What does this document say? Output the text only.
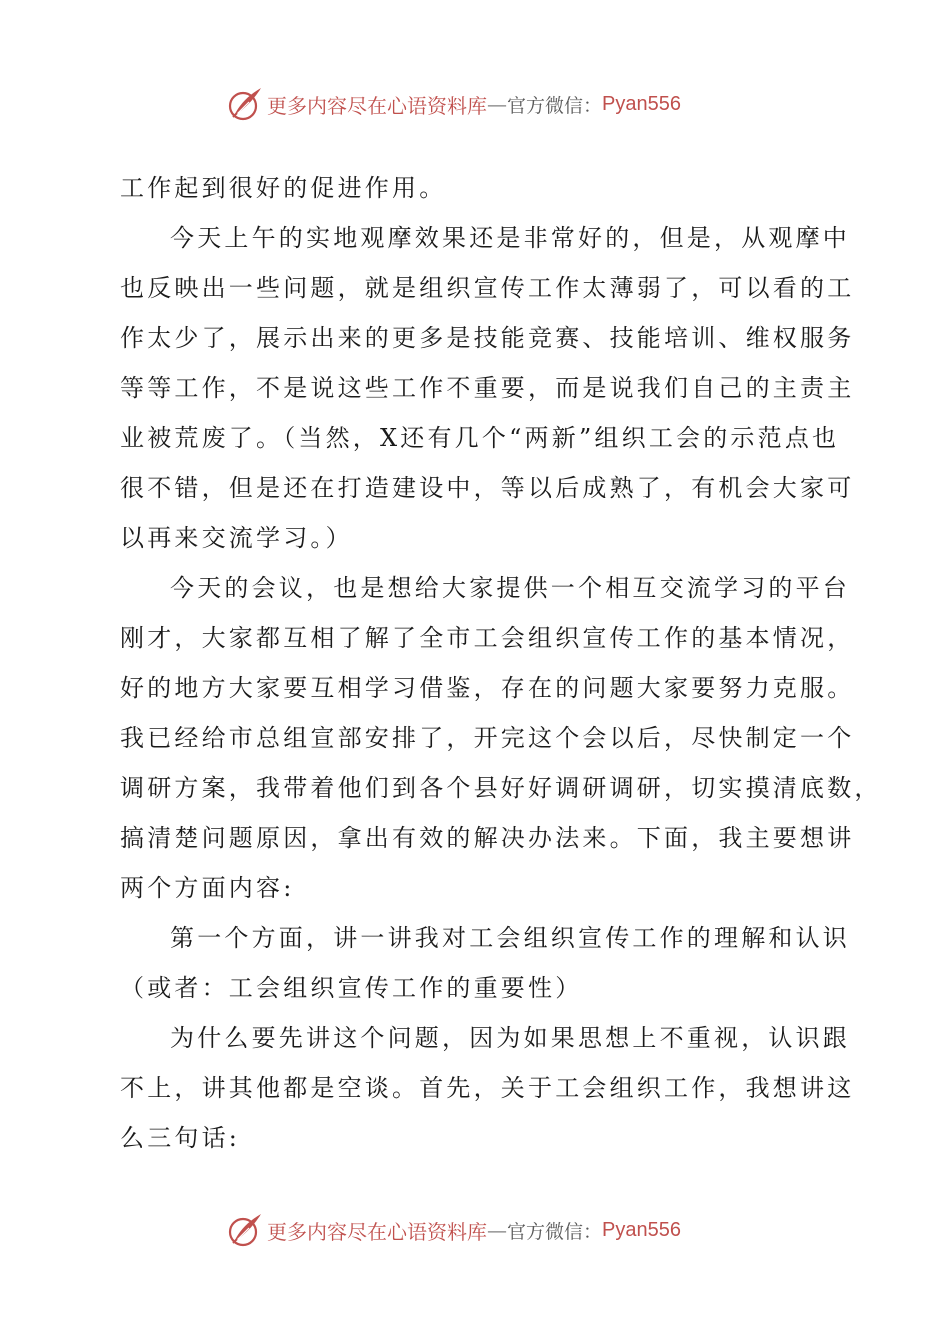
更多内容尽在心语资料库 — 官方微信： Pyan556
工作起到很好的促进作用。
今天上午的实地观摩效果还是非常好的，但是，从观摩中
也反映出一些问题，就是组织宣传工作太薄弱了，可以看的工
作太少了，展示出来的更多是技能竞赛、技能培训、维权服务
等等工作，不是说这些工作不重要，而是说我们自己的主责主
业被荒废了。（当然，X还有几个“两新”组织工会的示范点也
很不错，但是还在打造建设中，等以后成熟了，有机会大家可
以再来交流学习。）
今天的会议，也是想给大家提供一个相互交流学习的平台
刚才，大家都互相了解了全市工会组织宣传工作的基本情况，
好的地方大家要互相学习借鉴，存在的问题大家要努力克服。
我已经给市总组宣部安排了，开完这个会以后，尽快制定一个
调研方案，我带着他们到各个县好好调研调研，切实摸清底数，
搞清楚问题原因，拿出有效的解决办法来。下面，我主要想讲
两个方面内容:
第一个方面，讲一讲我对工会组织宣传工作的理解和认识
（或者：工会组织宣传工作的重要性）
为什么要先讲这个问题，因为如果思想上不重视，认识跟
不上，讲其他都是空谈。首先，关于工会组织工作，我想讲这
么三句话:
更多内容尽在心语资料库 — 官方微信： Pyan556
